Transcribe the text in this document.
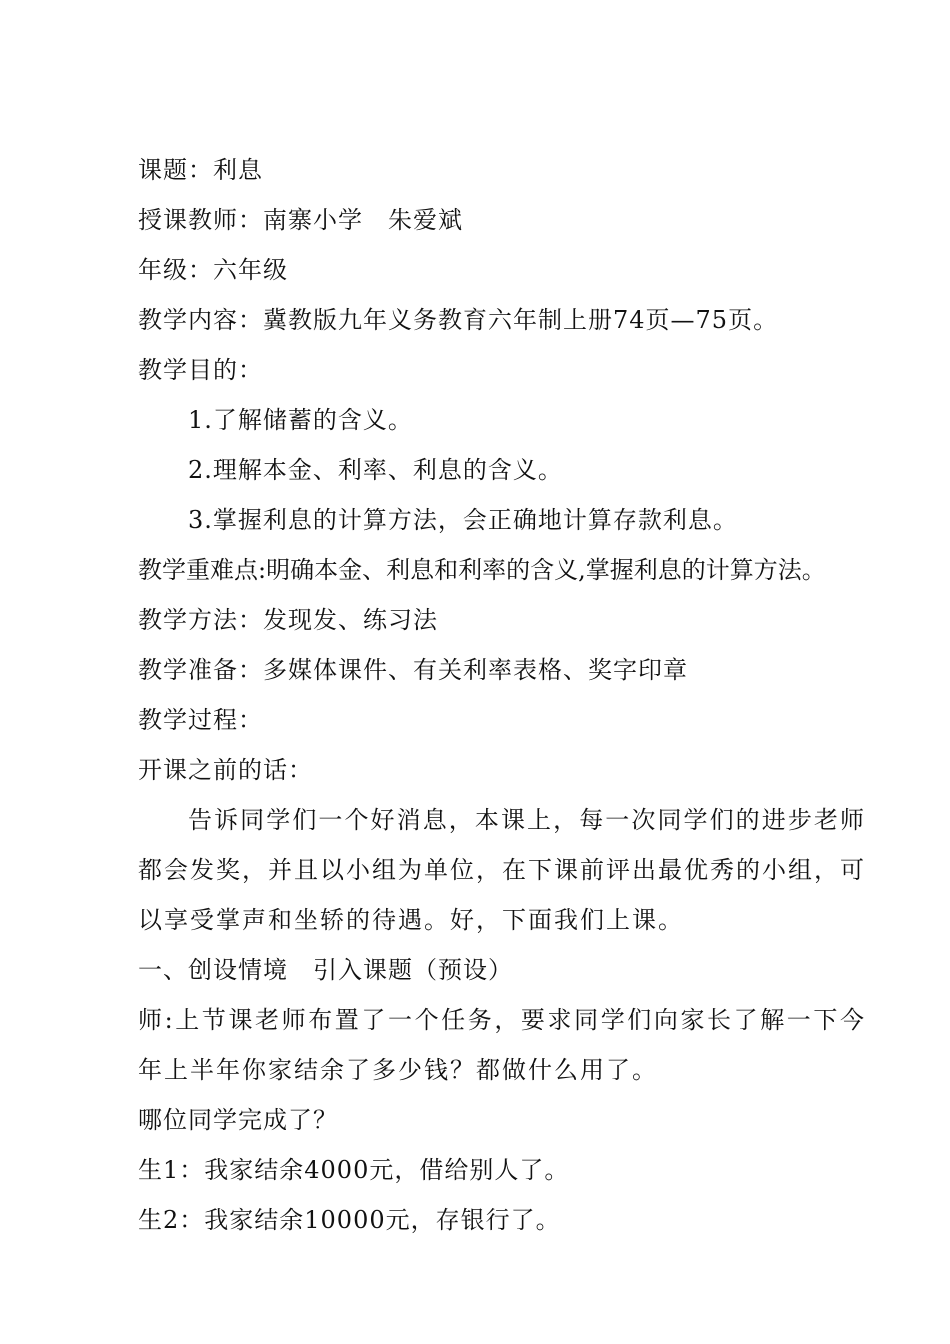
课题：利息
授课教师：南寨小学　朱爱斌
年级：六年级
教学内容：冀教版九年义务教育六年制上册74页—75页。
教学目的：
1.了解储蓄的含义。
2.理解本金、利率、利息的含义。
3.掌握利息的计算方法，会正确地计算存款利息。
教学重难点:明确本金、利息和利率的含义,掌握利息的计算方法。
教学方法：发现发、练习法
教学准备：多媒体课件、有关利率表格、奖字印章
教学过程：
开课之前的话：
告诉同学们一个好消息，本课上，每一次同学们的进步老师都会发奖，并且以小组为单位，在下课前评出最优秀的小组，可以享受掌声和坐轿的待遇。好，下面我们上课。
一、创设情境　引入课题（预设）
师:上节课老师布置了一个任务，要求同学们向家长了解一下今年上半年你家结余了多少钱？都做什么用了。
哪位同学完成了？
生1：我家结余4000元，借给别人了。
生2：我家结余10000元，存银行了。
